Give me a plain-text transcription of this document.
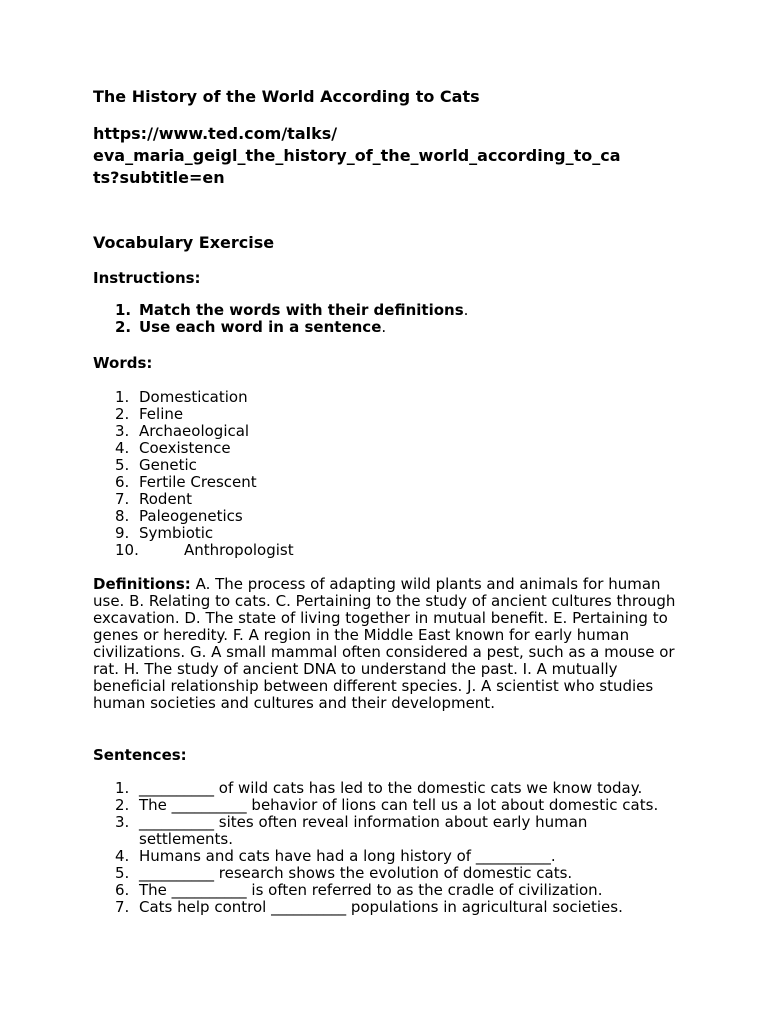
The History of the World According to Cats

https://www.ted.com/talks/
eva_maria_geigl_the_history_of_the_world_according_to_ca
ts?subtitle=en

Vocabulary Exercise

Instructions:

1. Match the words with their definitions.
2. Use each word in a sentence.

Words:

1. Domestication
2. Feline
3. Archaeological
4. Coexistence
5. Genetic
6. Fertile Crescent
7. Rodent
8. Paleogenetics
9. Symbiotic
10.	Anthropologist

Definitions: A. The process of adapting wild plants and animals for human use. B. Relating to cats. C. Pertaining to the study of ancient cultures through excavation. D. The state of living together in mutual benefit. E. Pertaining to genes or heredity. F. A region in the Middle East known for early human civilizations. G. A small mammal often considered a pest, such as a mouse or rat. H. The study of ancient DNA to understand the past. I. A mutually beneficial relationship between different species. J. A scientist who studies human societies and cultures and their development.

Sentences:

1. __________ of wild cats has led to the domestic cats we know today.
2. The __________ behavior of lions can tell us a lot about domestic cats.
3. __________ sites often reveal information about early human settlements.
4. Humans and cats have had a long history of __________.
5. __________ research shows the evolution of domestic cats.
6. The __________ is often referred to as the cradle of civilization.
7. Cats help control __________ populations in agricultural societies.
